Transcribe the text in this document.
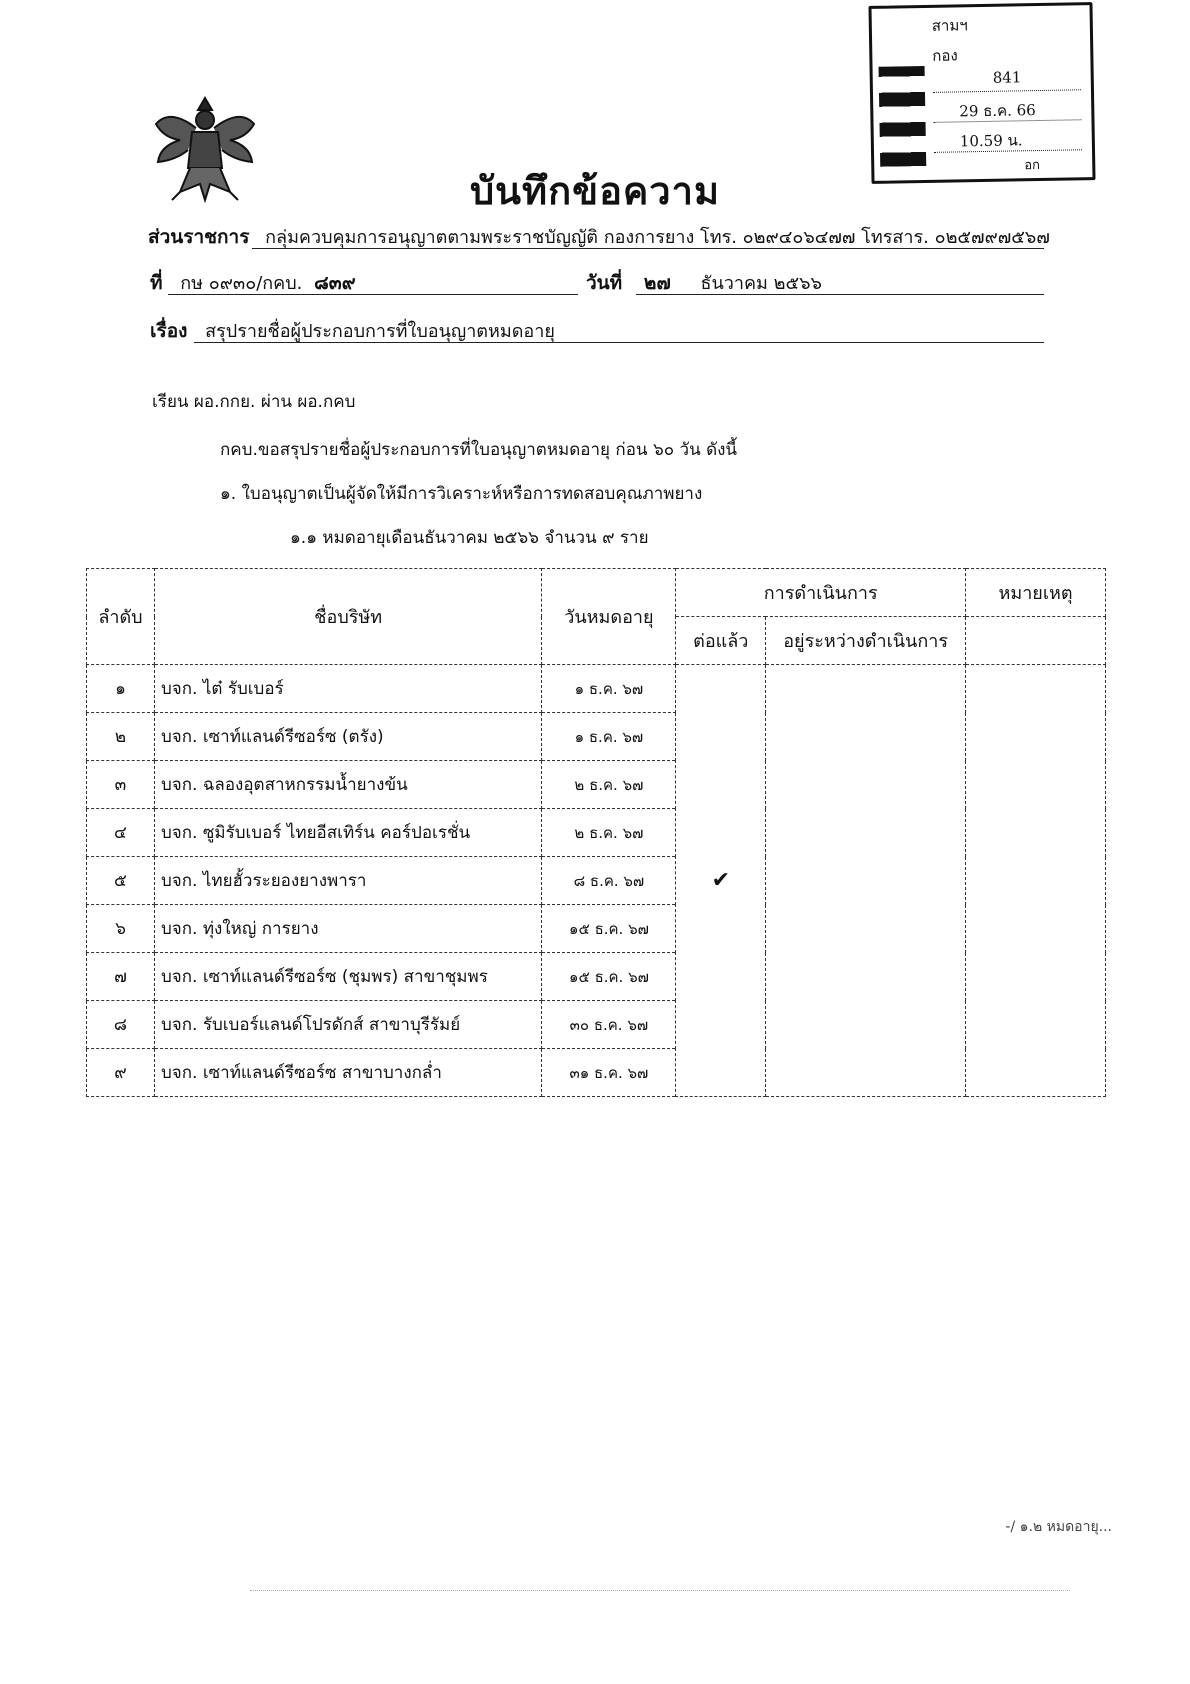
สามฯ
กอง
841
29 ธ.ค. 66
10.59 น.
อก
บันทึกข้อความ
ส่วนราชการ กลุ่มควบคุมการอนุญาตตามพระราชบัญญัติ กองการยาง โทร. ๐๒๙๔๐๖๔๗๗ โทรสาร. ๐๒๕๗๙๗๕๖๗
ที่ กษ ๐๙๓๐/กคบ. ๘๓๙	วันที่ ๒๗ ธันวาคม ๒๕๖๖
เรื่อง สรุปรายชื่อผู้ประกอบการที่ใบอนุญาตหมดอายุ
เรียน ผอ.กกย. ผ่าน ผอ.กคบ
กคบ.ขอสรุปรายชื่อผู้ประกอบการที่ใบอนุญาตหมดอายุ ก่อน ๖๐ วัน ดังนี้
๑. ใบอนุญาตเป็นผู้จัดให้มีการวิเคราะห์หรือการทดสอบคุณภาพยาง
๑.๑ หมดอายุเดือนธันวาคม ๒๕๖๖ จำนวน ๙ ราย
ลำดับ	ชื่อบริษัท	วันหมดอายุ	การดำเนินการ		หมายเหตุ
			ต่อแล้ว	อยู่ระหว่างดำเนินการ	
๑	บจก. ไต๋ รับเบอร์	๑ ธ.ค. ๖๗	✔		
๒	บจก. เซาท์แลนด์รีซอร์ซ (ตรัง)	๑ ธ.ค. ๖๗			
๓	บจก. ฉลองอุตสาหกรรมน้ำยางข้น	๒ ธ.ค. ๖๗			
๔	บจก. ซูมิรับเบอร์ ไทยอีสเทิร์น คอร์ปอเรชั่น	๒ ธ.ค. ๖๗			
๕	บจก. ไทยฮั้วระยองยางพารา	๘ ธ.ค. ๖๗			
๖	บจก. ทุ่งใหญ่ การยาง	๑๕ ธ.ค. ๖๗			
๗	บจก. เซาท์แลนด์รีซอร์ซ (ชุมพร) สาขาชุมพร	๑๕ ธ.ค. ๖๗			
๘	บจก. รับเบอร์แลนด์โปรดักส์ สาขาบุรีรัมย์	๓๐ ธ.ค. ๖๗			
๙	บจก. เซาท์แลนด์รีซอร์ซ สาขาบางกล่ำ	๓๑ ธ.ค. ๖๗			
-/ ๑.๒ หมดอายุ...
